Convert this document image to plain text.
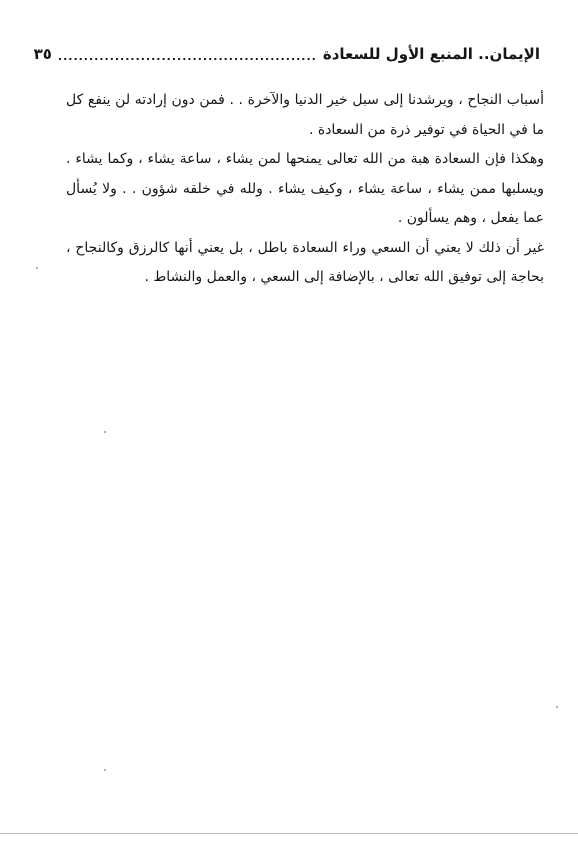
الإيمان.. المنبع الأول للسعادة
..................................................
٣٥

أسباب النجاح ، ويرشدنا إلى سبل خير الدنيا والآخرة . . فمن دون إرادته لن ينفع كل ما في الحياة في توفير ذرة من السعادة .

وهكذا فإن السعادة هبة من الله تعالى يمنحها لمن يشاء ، ساعة يشاء ، وكما يشاء . ويسلبها ممن يشاء ، ساعة يشاء ، وكيف يشاء . ولله في خلقه شؤون . . ولا يُسأل عما يفعل ، وهم يسألون .

غير أن ذلك لا يعني أن السعي وراء السعادة باطل ، بل يعني أنها كالرزق وكالنجاح ، بحاجة إلى توفيق الله تعالى ، بالإضافة إلى السعي ، والعمل والنشاط .
